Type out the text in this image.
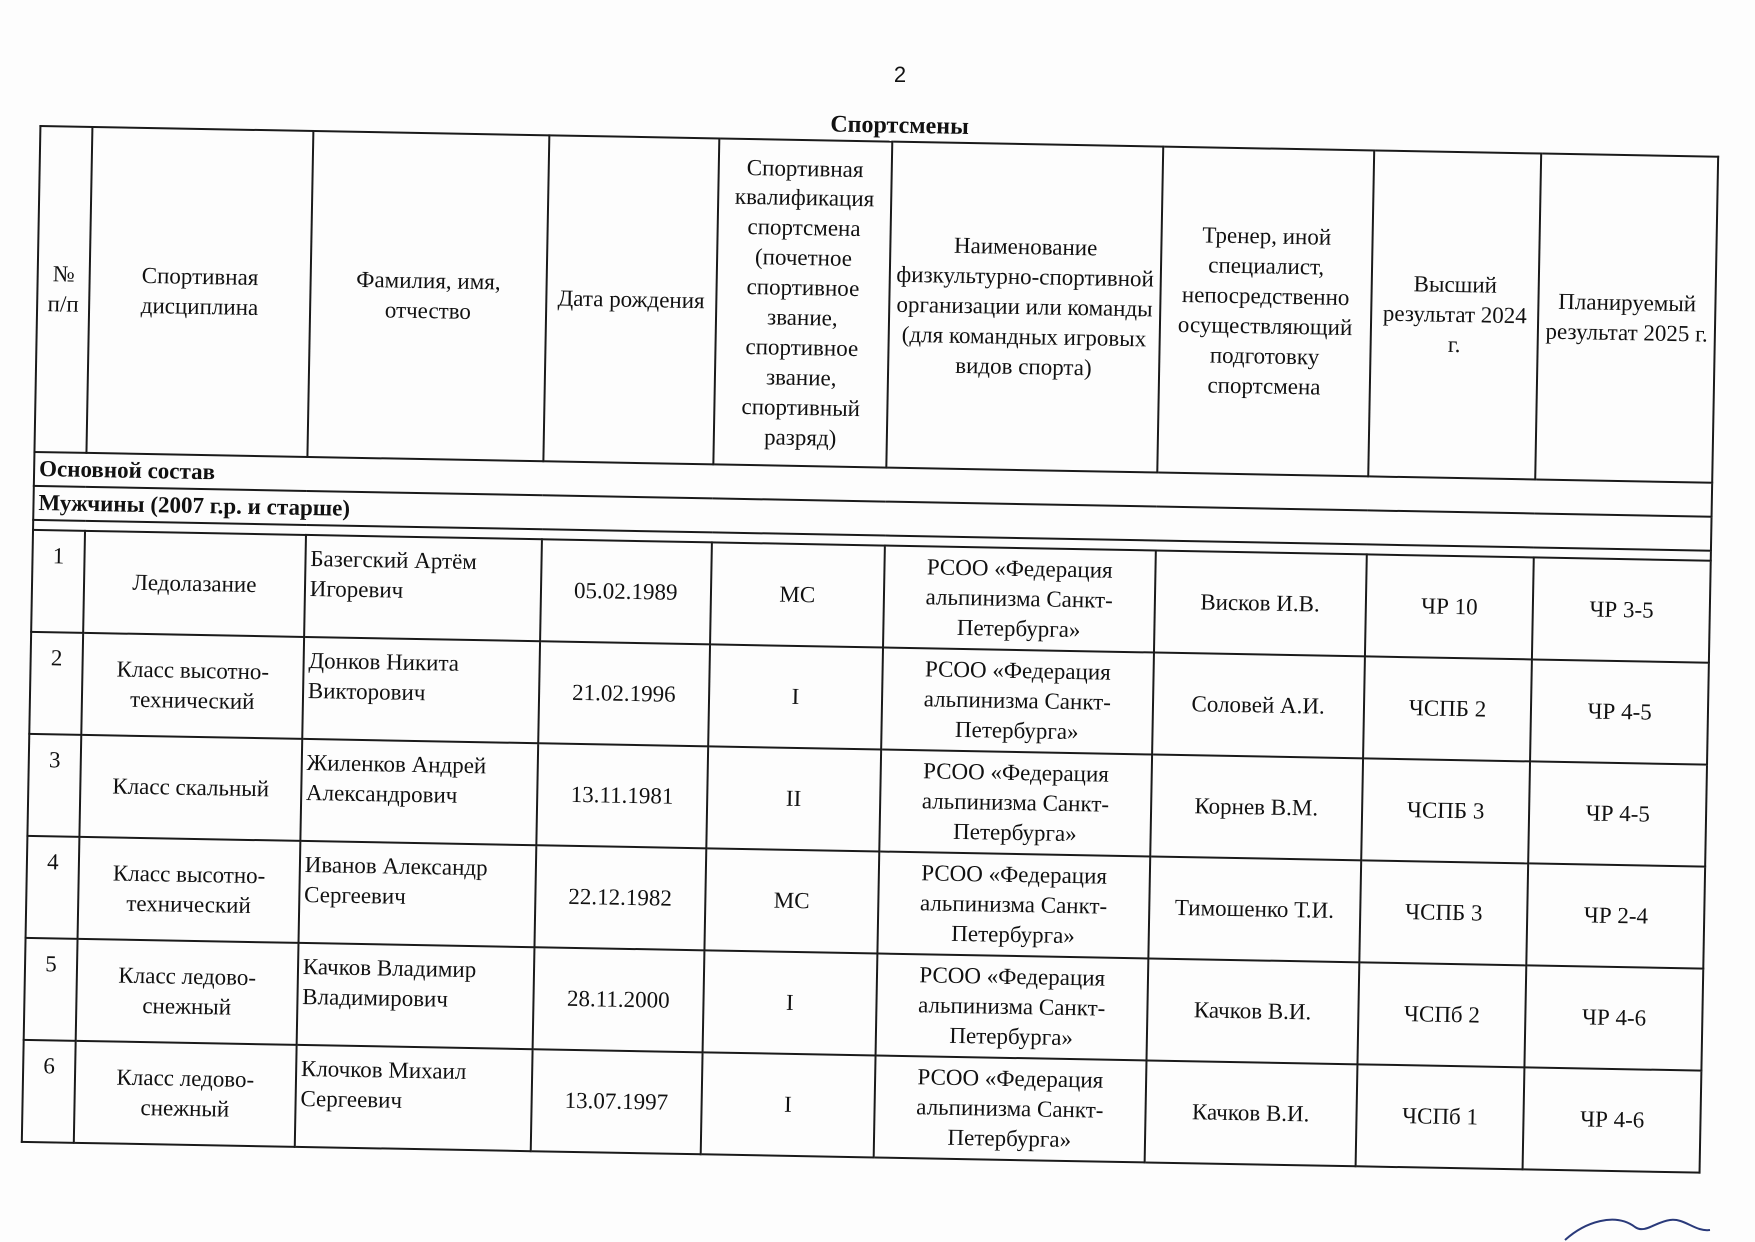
2
Спортсмены
№ п/п	Спортивная дисциплина	Фамилия, имя, отчество	Дата рождения	Спортивная квалификация спортсмена (почетное спортивное звание, спортивное звание, спортивный разряд)	Наименование физкультурно-спортивной организации или команды (для командных игровых видов спорта)	Тренер, иной специалист, непосредственно осуществляющий подготовку спортсмена	Высший результат 2024 г.	Планируемый результат 2025 г.
Основной состав								
Мужчины (2007 г.р. и старше)								

1	Ледолазание	Базегский Артём Игоревич	05.02.1989	МС	РСОО «Федерация альпинизма Санкт-Петербурга»	Висков И.В.	ЧР 10	ЧР 3-5
2	Класс высотно-технический	Донков Никита Викторович	21.02.1996	I	РСОО «Федерация альпинизма Санкт-Петербурга»	Соловей А.И.	ЧСПБ 2	ЧР 4-5
3	Класс скальный	Жиленков Андрей Александрович	13.11.1981	II	РСОО «Федерация альпинизма Санкт-Петербурга»	Корнев В.М.	ЧСПБ 3	ЧР 4-5
4	Класс высотно-технический	Иванов Александр Сергеевич	22.12.1982	МС	РСОО «Федерация альпинизма Санкт-Петербурга»	Тимошенко Т.И.	ЧСПБ 3	ЧР 2-4
5	Класс ледово-снежный	Качков Владимир Владимирович	28.11.2000	I	РСОО «Федерация альпинизма Санкт-Петербурга»	Качков В.И.	ЧСПб 2	ЧР 4-6
6	Класс ледово-снежный	Клочков Михаил Сергеевич	13.07.1997	I	РСОО «Федерация альпинизма Санкт-Петербурга»	Качков В.И.	ЧСПб 1	ЧР 4-6
